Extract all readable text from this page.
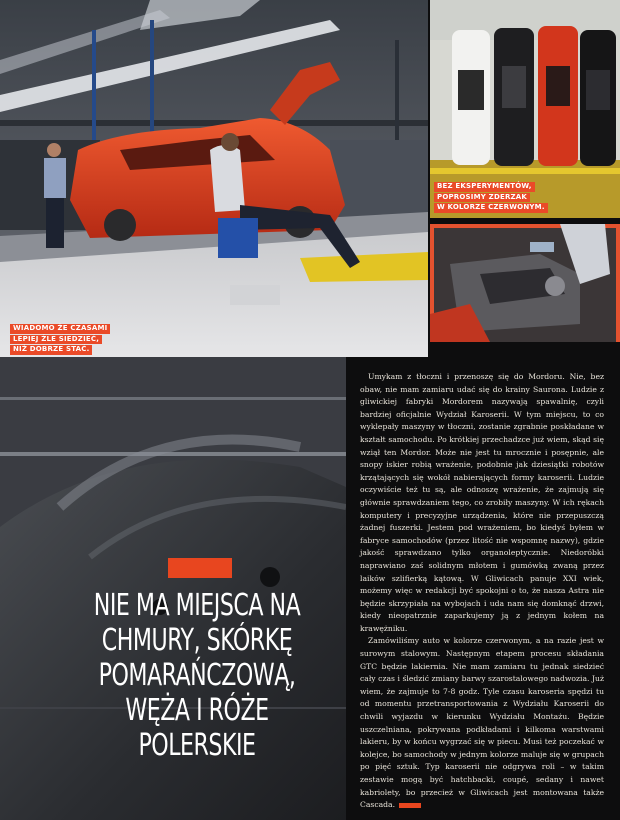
WIADOMO ŻE CZASAMI
LEPIEJ ŹLE SIEDZIEĆ,
NIŻ DOBRZE STAĆ.
BEZ EKSPERYMENTÓW,
POPROSIMY ZDERZAK
W KOLORZE CZERWONYM.
NIE MA MIEJSCA NA
CHMURY, SKÓRKĘ
POMARAŃCZOWĄ,
WĘŻA I RÓŻE
POLERSKIE

Umykam z tłoczni i przenoszę się do Mordoru. Nie, bez obaw, nie mam zamiaru udać się do krainy Saurona. Ludzie z gliwickiej fabryki Mordorem nazywają spawalnię, czyli bardziej oficjalnie Wydział Karoserii. W tym miejscu, to co wyklepały maszyny w tłoczni, zostanie zgrabnie poskładane w kształt samochodu. Po krótkiej przechadzce już wiem, skąd się wziął ten Mordor. Może nie jest tu mrocznie i posępnie, ale snopy iskier robią wrażenie, podobnie jak dziesiątki robotów krzątających się wokół nabierających formy karoserii. Ludzie oczywiście też tu są, ale odnoszę wrażenie, że zajmują się głównie sprawdzaniem tego, co zrobiły maszyny. W ich rękach komputery i precyzyjne urządzenia, które nie przepuszczą żadnej fuszerki. Jestem pod wrażeniem, bo kiedyś byłem w fabryce samochodów (przez litość nie wspomnę nazwy), gdzie jakość sprawdzano tylko organoleptycznie. Niedoróbki naprawiano zaś solidnym młotem i gumówką zwaną przez laików szlifierką kątową. W Gliwicach panuje XXI wiek, możemy więc w redakcji być spokojni o to, że nasza Astra nie będzie skrzypiała na wybojach i uda nam się domknąć drzwi, kiedy nieopatrznie zaparkujemy ją z jednym kołem na krawężniku.

Zamówiliśmy auto w kolorze czerwonym, a na razie jest w surowym stalowym. Następnym etapem procesu składania GTC będzie lakiernia. Nie mam zamiaru tu jednak siedzieć cały czas i śledzić zmiany barwy szarostalowego nadwozia. Już wiem, że zajmuje to 7-8 godz. Tyle czasu karoseria spędzi tu od momentu przetransportowania z Wydziału Karoserii do chwili wyjazdu w kierunku Wydziału Montażu. Będzie uszczelniana, pokrywana podkładami i kilkoma warstwami lakieru, by w końcu wygrzać się w piecu. Musi też poczekać w kolejce, bo samochody w jednym kolorze maluje się w grupach po pięć sztuk. Typ karoserii nie odgrywa roli – w takim zestawie mogą być hatchbacki, coupé, sedany i nawet kabriolety, bo przecież w Gliwicach jest montowana także Cascada.
